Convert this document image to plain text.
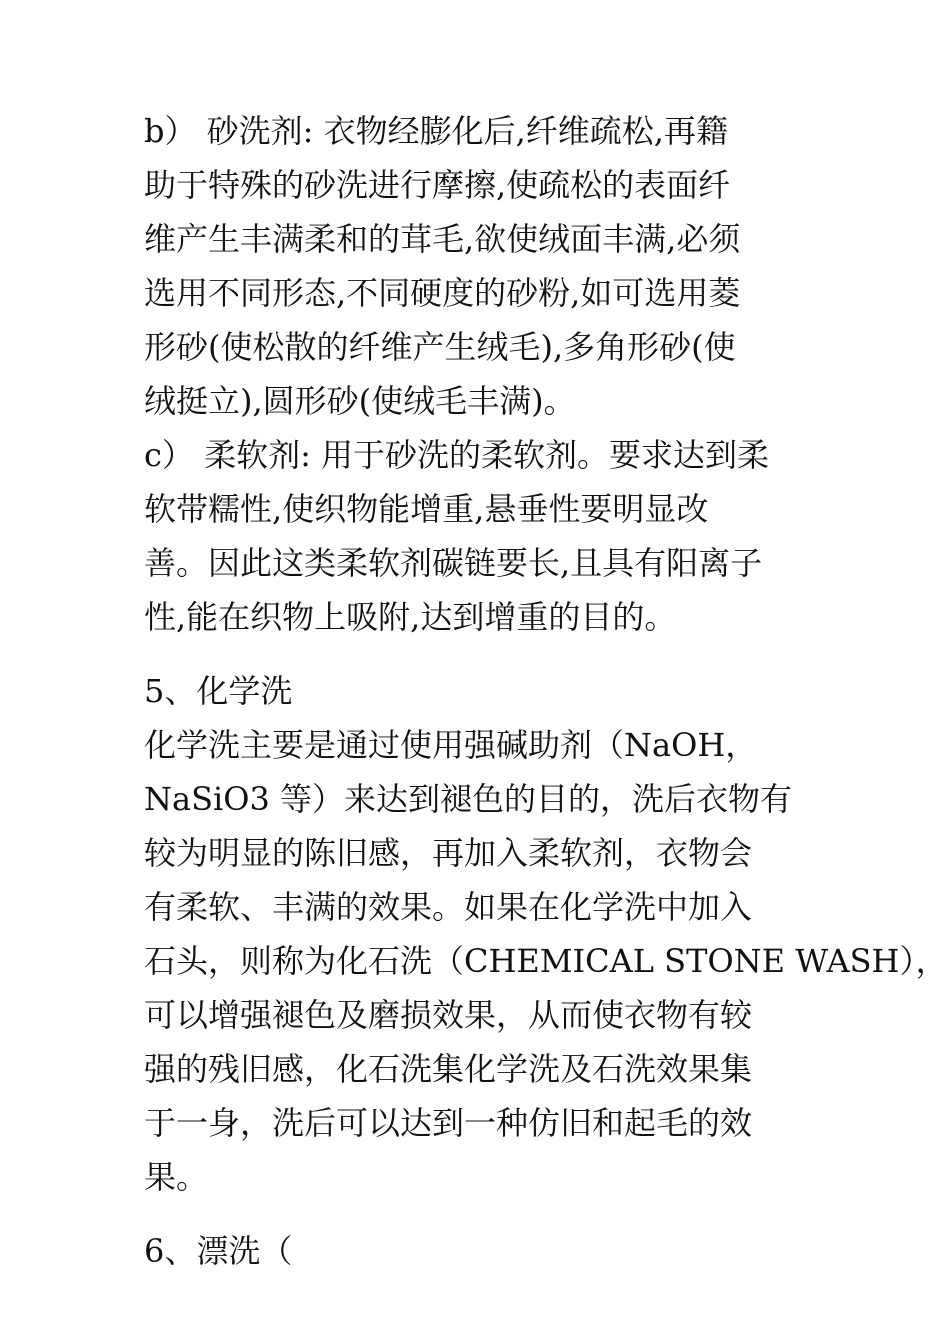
b） 砂洗剂: 衣物经膨化后,纤维疏松,再籍
助于特殊的砂洗进行摩擦,使疏松的表面纤
维产生丰满柔和的茸毛,欲使绒面丰满,必须
选用不同形态,不同硬度的砂粉,如可选用菱
形砂(使松散的纤维产生绒毛),多角形砂(使
绒挺立),圆形砂(使绒毛丰满)。
c） 柔软剂: 用于砂洗的柔软剂。要求达到柔
软带糯性,使织物能增重,悬垂性要明显改
善。因此这类柔软剂碳链要长,且具有阳离子
性,能在织物上吸附,达到增重的目的。
5、化学洗
化学洗主要是通过使用强碱助剂（NaOH，
NaSiO3 等）来达到褪色的目的，洗后衣物有
较为明显的陈旧感，再加入柔软剂，衣物会
有柔软、丰满的效果。如果在化学洗中加入
石头，则称为化石洗（CHEMICAL STONE WASH），
可以增强褪色及磨损效果，从而使衣物有较
强的残旧感，化石洗集化学洗及石洗效果集
于一身，洗后可以达到一种仿旧和起毛的效
果。
6、漂洗（
